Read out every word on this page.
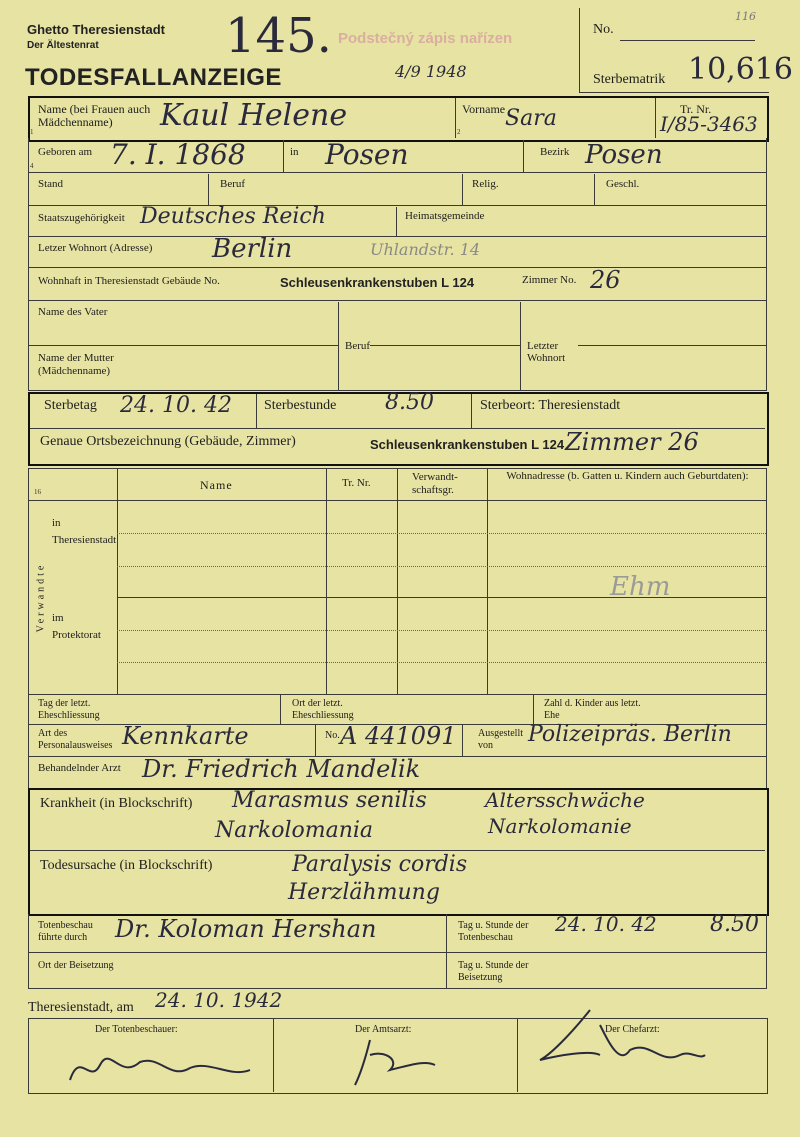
Ghetto Theresienstadt
Der Ältestenrat
TODESFALLANZEIGE
145. Podstečný zápis nařízen
4/9 1948
No.
116
Sterbematrik 10,616
Name (bei Frauen auch Mädchenname)	Kaul Helene	Vorname Sara	Tr. Nr.
I/85-3463
1	2
Geboren am 7. I. 1868	in Posen	Bezirk Posen
4
Stand	Beruf	Relig.	Geschl.
Staatszugehörigkeit Deutsches Reich	Heimatsgemeinde
Letzer Wohnort (Adresse) Berlin	Uhlandstr. 14
Wohnhaft in Theresienstadt Gebäude No.	Schleusenkrankenstuben L 124	Zimmer No. 26
Name des Vater
Name der Mutter (Mädchenname)
Beruf	Letzter Wohnort
Sterbetag 24. 10. 42 Sterbestunde 8.50	Sterbeort: Theresienstadt
Genaue Ortsbezeichnung (Gebäude, Zimmer)	Schleusenkrankenstuben L 124 Zimmer 26
16	Name	Tr. Nr.	Verwandt-schaftsgr.
Wohnadresse (b. Gatten u. Kindern auch Geburtdaten):
in Theresienstadt
im Protektorat
Verwandte	Ehm
Tag der letzt. Eheschliessung
Ort der letzt. Eheschliessung
Zahl d. Kinder aus letzt. Ehe
Art des Personalausweises Kennkarte	No. A 441091 Ausgestellt von	Polizeipräs. Berlin
Behandelnder Arzt Dr. Friedrich Mandelik
Krankheit (in Blockschrift) Marasmus senilis	Altersschwäche
Narkolomania	Narkolomanie
Todesursache (in Blockschrift)	Paralysis cordis
Herzlähmung
Totenbeschau führte durch	Dr. Koloman Hershan	Tag u. Stunde der Totenbeschau
24. 10. 42 8.50
Ort der Beisetzung	Tag u. Stunde der Beisetzung
Theresienstadt, am 24. 10. 1942
Der Totenbeschauer:	Der Amtsarzt:	Der Chefarzt:
